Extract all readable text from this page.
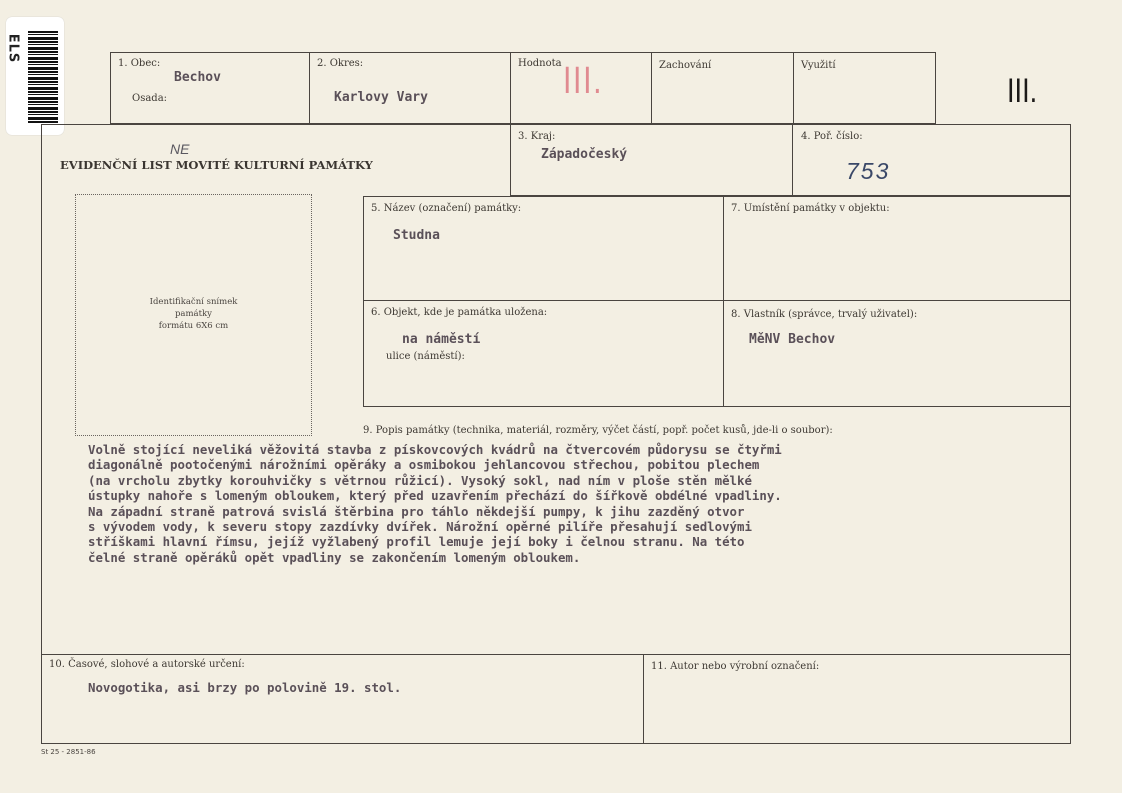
ELS
1. Obec:
Bechov
Osada:
2. Okres:
Karlovy Vary
Hodnota III.	Zachování	Využití
III.
NE
EVIDENČNÍ LIST MOVITÉ KULTURNÍ PAMÁTKY
3. Kraj:
Západočeský
4. Poř. číslo:
753
Identifikační snímek
památky
formátu 6X6 cm
5. Název (označení) památky:
Studna
7. Umístění památky v objektu:
6. Objekt, kde je památka uložena:
na náměstí
ulice (náměstí):
8. Vlastník (správce, trvalý uživatel):
MěNV Bechov
9. Popis památky (technika, materiál, rozměry, výčet částí, popř. počet kusů, jde-li o soubor):
Volně stojící neveliká věžovitá stavba z pískovcových kvádrů na čtvercovém půdorysu se čtyřmi
diagonálně pootočenými nárožními opěráky a osmibokou jehlancovou střechou, pobitou plechem
(na vrcholu zbytky korouhvičky s větrnou růžicí). Vysoký sokl, nad ním v ploše stěn mělké
ústupky nahoře s lomeným obloukem, který před uzavřením přechází do šířkově obdélné vpadliny.
Na západní straně patrová svislá štěrbina pro táhlo někdejší pumpy, k jihu zazděný otvor
s vývodem vody, k severu stopy zazdívky dvířek. Nárožní opěrné pilíře přesahují sedlovými
stříškami hlavní římsu, jejíž vyžlabený profil lemuje její boky i čelnou stranu. Na této
čelné straně opěráků opět vpadliny se zakončením lomeným obloukem.
10. Časové, slohové a autorské určení:
Novogotika, asi brzy po polovině 19. stol.
11. Autor nebo výrobní označení:
St 25 - 2851-86
